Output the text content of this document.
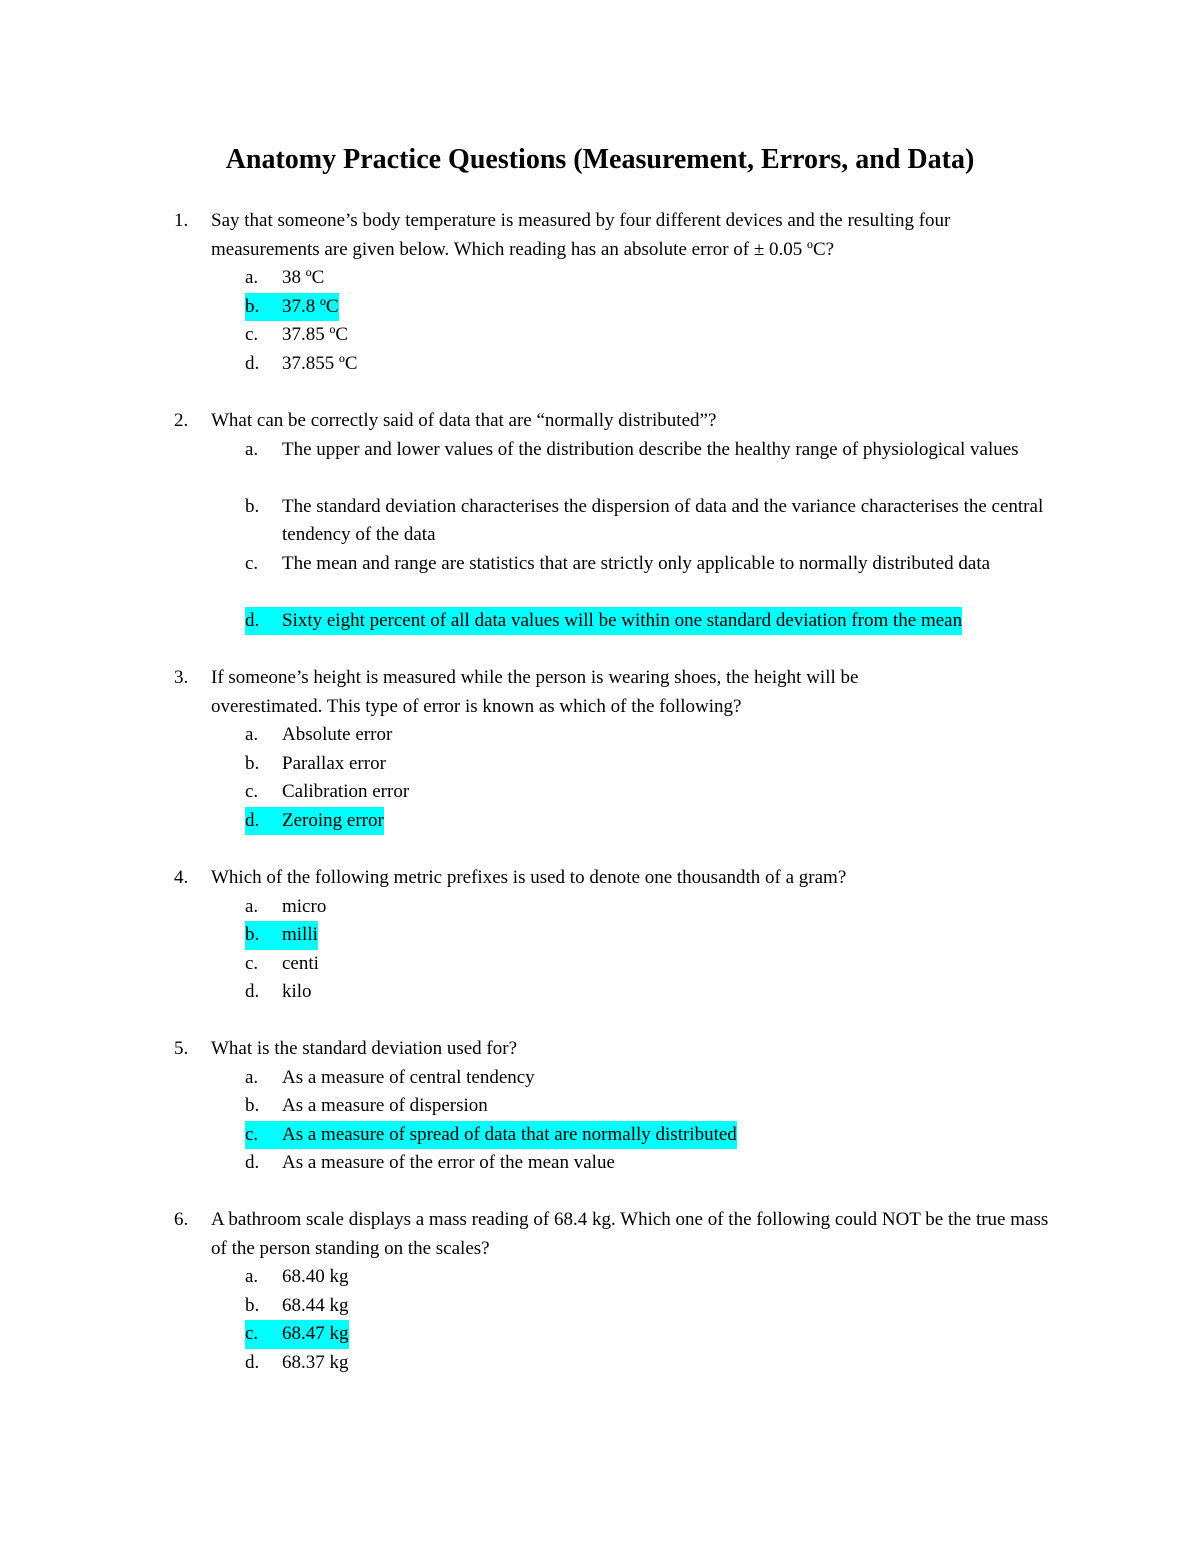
Anatomy Practice Questions (Measurement, Errors, and Data)
1.	Say that someone’s body temperature is measured by four different devices and the resulting four measurements are given below. Which reading has an absolute error of ± 0.05 ºC?
a.	38 ºC
b.	37.8 ºC
c.	37.85 ºC
d.	37.855 ºC
2.	What can be correctly said of data that are “normally distributed”?
a.	The upper and lower values of the distribution describe the healthy range of physiological values
b.	The standard deviation characterises the dispersion of data and the variance characterises the central tendency of the data
c.	The mean and range are statistics that are strictly only applicable to normally distributed data
d.	Sixty eight percent of all data values will be within one standard deviation from the mean
3.	If someone’s height is measured while the person is wearing shoes, the height will be overestimated. This type of error is known as which of the following?
a.	Absolute error
b.	Parallax error
c.	Calibration error
d.	Zeroing error
4.	Which of the following metric prefixes is used to denote one thousandth of a gram?
a.	micro
b.	milli
c.	centi
d.	kilo
5.	What is the standard deviation used for?
a.	As a measure of central tendency
b.	As a measure of dispersion
c.	As a measure of spread of data that are normally distributed
d.	As a measure of the error of the mean value
6.	A bathroom scale displays a mass reading of 68.4 kg. Which one of the following could NOT be the true mass of the person standing on the scales?
a.	68.40 kg
b.	68.44 kg
c.	68.47 kg
d.	68.37 kg
